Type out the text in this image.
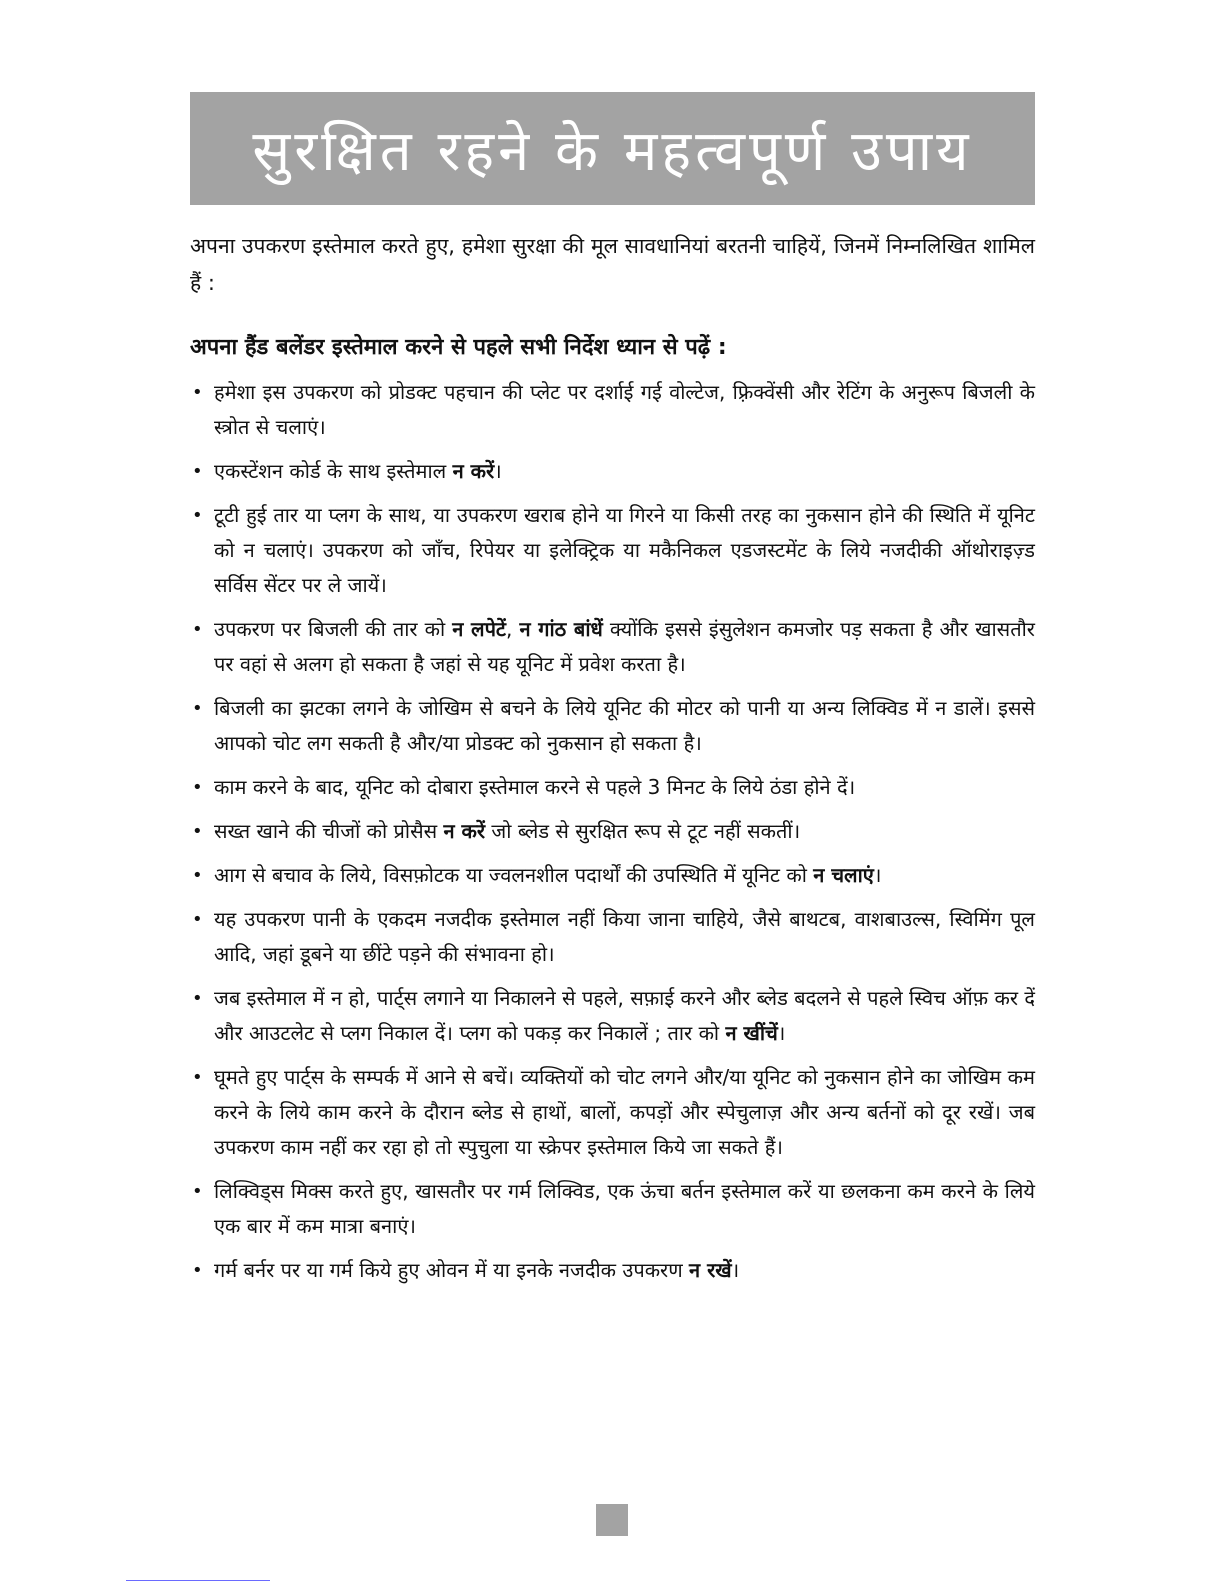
सुरक्षित रहने के महत्वपूर्ण उपाय

अपना उपकरण इस्तेमाल करते हुए, हमेशा सुरक्षा की मूल सावधानियां बरतनी चाहियें, जिनमें निम्नलिखित शामिल हैं :

अपना हैंड बलेंडर इस्तेमाल करने से पहले सभी निर्देश ध्यान से पढ़ें :

• हमेशा इस उपकरण को प्रोडक्ट पहचान की प्लेट पर दर्शाई गई वोल्टेज, फ़्रिक्वेंसी और रेटिंग के अनुरूप बिजली के स्त्रोत से चलाएं।
• एकस्टेंशन कोर्ड के साथ इस्तेमाल न करें।
• टूटी हुई तार या प्लग के साथ, या उपकरण खराब होने या गिरने या किसी तरह का नुकसान होने की स्थिति में यूनिट को न चलाएं। उपकरण को जाँच, रिपेयर या इलेक्ट्रिक या मकैनिकल एडजस्टमेंट के लिये नजदीकी ऑथोराइज़्ड सर्विस सेंटर पर ले जायें।
• उपकरण पर बिजली की तार को न लपेटें, न गांठ बांधें क्योंकि इससे इंसुलेशन कमजोर पड़ सकता है और खासतौर पर वहां से अलग हो सकता है जहां से यह यूनिट में प्रवेश करता है।
• बिजली का झटका लगने के जोखिम से बचने के लिये यूनिट की मोटर को पानी या अन्य लिक्विड में न डालें। इससे आपको चोट लग सकती है और/या प्रोडक्ट को नुकसान हो सकता है।
• काम करने के बाद, यूनिट को दोबारा इस्तेमाल करने से पहले 3 मिनट के लिये ठंडा होने दें।
• सख्त खाने की चीजों को प्रोसैस न करें जो ब्लेड से सुरक्षित रूप से टूट नहीं सकतीं।
• आग से बचाव के लिये, विसफ़ोटक या ज्वलनशील पदार्थों की उपस्थिति में यूनिट को न चलाएं।
• यह उपकरण पानी के एकदम नजदीक इस्तेमाल नहीं किया जाना चाहिये, जैसे बाथटब, वाशबाउल्स, स्विमिंग पूल आदि, जहां डूबने या छींटे पड़ने की संभावना हो।
• जब इस्तेमाल में न हो, पार्ट्स लगाने या निकालने से पहले, सफ़ाई करने और ब्लेड बदलने से पहले स्विच ऑफ़ कर दें और आउटलेट से प्लग निकाल दें। प्लग को पकड़ कर निकालें ; तार को न खींचें।
• घूमते हुए पार्ट्स के सम्पर्क में आने से बचें। व्यक्तियों को चोट लगने और/या यूनिट को नुकसान होने का जोखिम कम करने के लिये काम करने के दौरान ब्लेड से हाथों, बालों, कपड़ों और स्पेचुलाज़ और अन्य बर्तनों को दूर रखें। जब उपकरण काम नहीं कर रहा हो तो स्पुचुला या स्क्रेपर इस्तेमाल किये जा सकते हैं।
• लिक्विड्स मिक्स करते हुए, खासतौर पर गर्म लिक्विड, एक ऊंचा बर्तन इस्तेमाल करें या छलकना कम करने के लिये एक बार में कम मात्रा बनाएं।
• गर्म बर्नर पर या गर्म किये हुए ओवन में या इनके नजदीक उपकरण न रखें।
